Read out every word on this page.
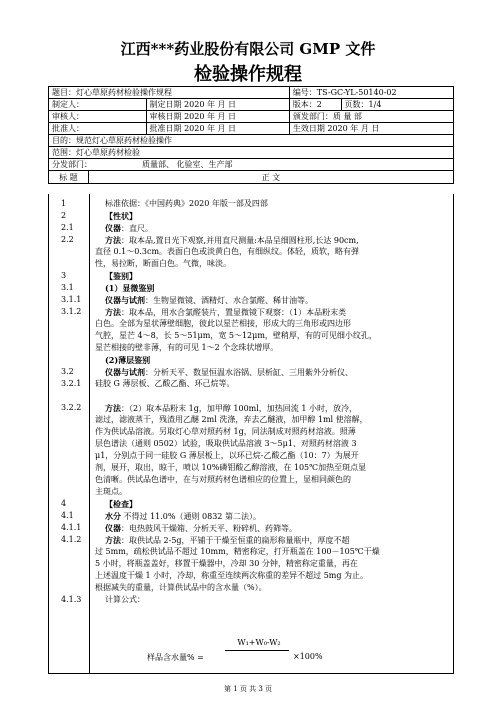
江西***药业股份有限公司 GMP 文件
检验操作规程
题目：灯心草原药材检验操作规程	编号：TS-GC-YL-50140-02
制定人：	制定日期 2020 年 月 日	版本：2	页数：1/4
审核人：	审核日期 2020 年 月 日	颁发部门：质 量 部
批准人：	批准日期 2020 年 月 日	生效日期 2020 年 月 日
目的：规范灯心草原药材检验操作
范围：灯心草原药材检验
分发部门：	质量部、 化验室、生产部
标 题	正 文
1	标准依据：《中国药典》2020 年版一部及四部
2	【性状】
2.1	仪器：直尺。
2.2	方法：取本品,置日光下观察,并用直尺测量:本品呈细圆柱形,长达 90cm,
直径 0.1～0.3cm。表面白色或淡黄白色，有细纵纹。体轻，质软，略有弹
性，易拉断，断面白色。气微，味淡。
3	【鉴别】
3.1	(1）显微鉴别
3.1.1	仪器与试剂：生物显微镜、酒精灯、水合氯醛、稀甘油等。
3.1.2	方法：取本品，用水合氯醛装片，置显微镜下观察：（1）本品粉末类
白色。全部为星状薄壁细胞，彼此以星芒相接，形成大的三角形或四边形
气腔，星芒 4～8，长 5～51μm，宽 5～12μm，壁稍厚，有的可见细小纹孔，
星芒相接的壁非薄，有的可见 1～2 个念珠状增厚。
(2)薄层鉴别
3.2	仪器与试剂：分析天平、数显恒温水浴锅、层析缸、三用紫外分析仪、
3.2.1	硅胶 G 薄层板、乙酸乙酯、环己烷等。
3.2.2	方法：（2）取本品粉末 1g，加甲醇 100ml，加热回流 1 小时，放冷，
滤过，滤液蒸干，残渣用乙醚 2ml 洗涤，弃去乙醚液，加甲醇 1ml 使溶解，
作为供试品溶液。另取灯心草对照药材 1g，同法制成对照药材溶液。照薄
层色谱法（通则 0502）试验，吸取供试品溶液 3～5μ1、对照药材溶液 3
μ1，分别点于同一硅胶 G 薄层板上，以环已烷-乙酸乙酯（10：7）为展开
剂，展开，取出，晾干，喷以 10%磷钼酸乙醇溶液，在 105℃加热至斑点显
色清晰。供试品色谱中，在与对照药材色谱相应的位置上，显相同颜色的
主斑点。
4	【检查】
4.1	水分 不得过 11.0%（通则 0832 第二法）。
4.1.1	仪器：电热鼓风干燥箱、分析天平、粉碎机、药筛等。
4.1.2	方法：取供试品 2-5g，平铺于干燥至恒重的扁形称量瓶中，厚度不超
过 5mm，疏松供试品不超过 10mm，精密称定，打开瓶盖在 100－105℃干燥
5 小时，将瓶盖盖好，移置干燥器中，冷却 30 分钟，精密称定重量，再在
上述温度干燥 1 小时，冷却，称重至连续两次称重的差异不超过 5mg 为止。
根据减失的重量，计算供试品中的含水量（%）。
4.1.3	计算公式：
W₁+W₀-W₂
样品含水量% =	×100%
第 1 页 共 3 页
